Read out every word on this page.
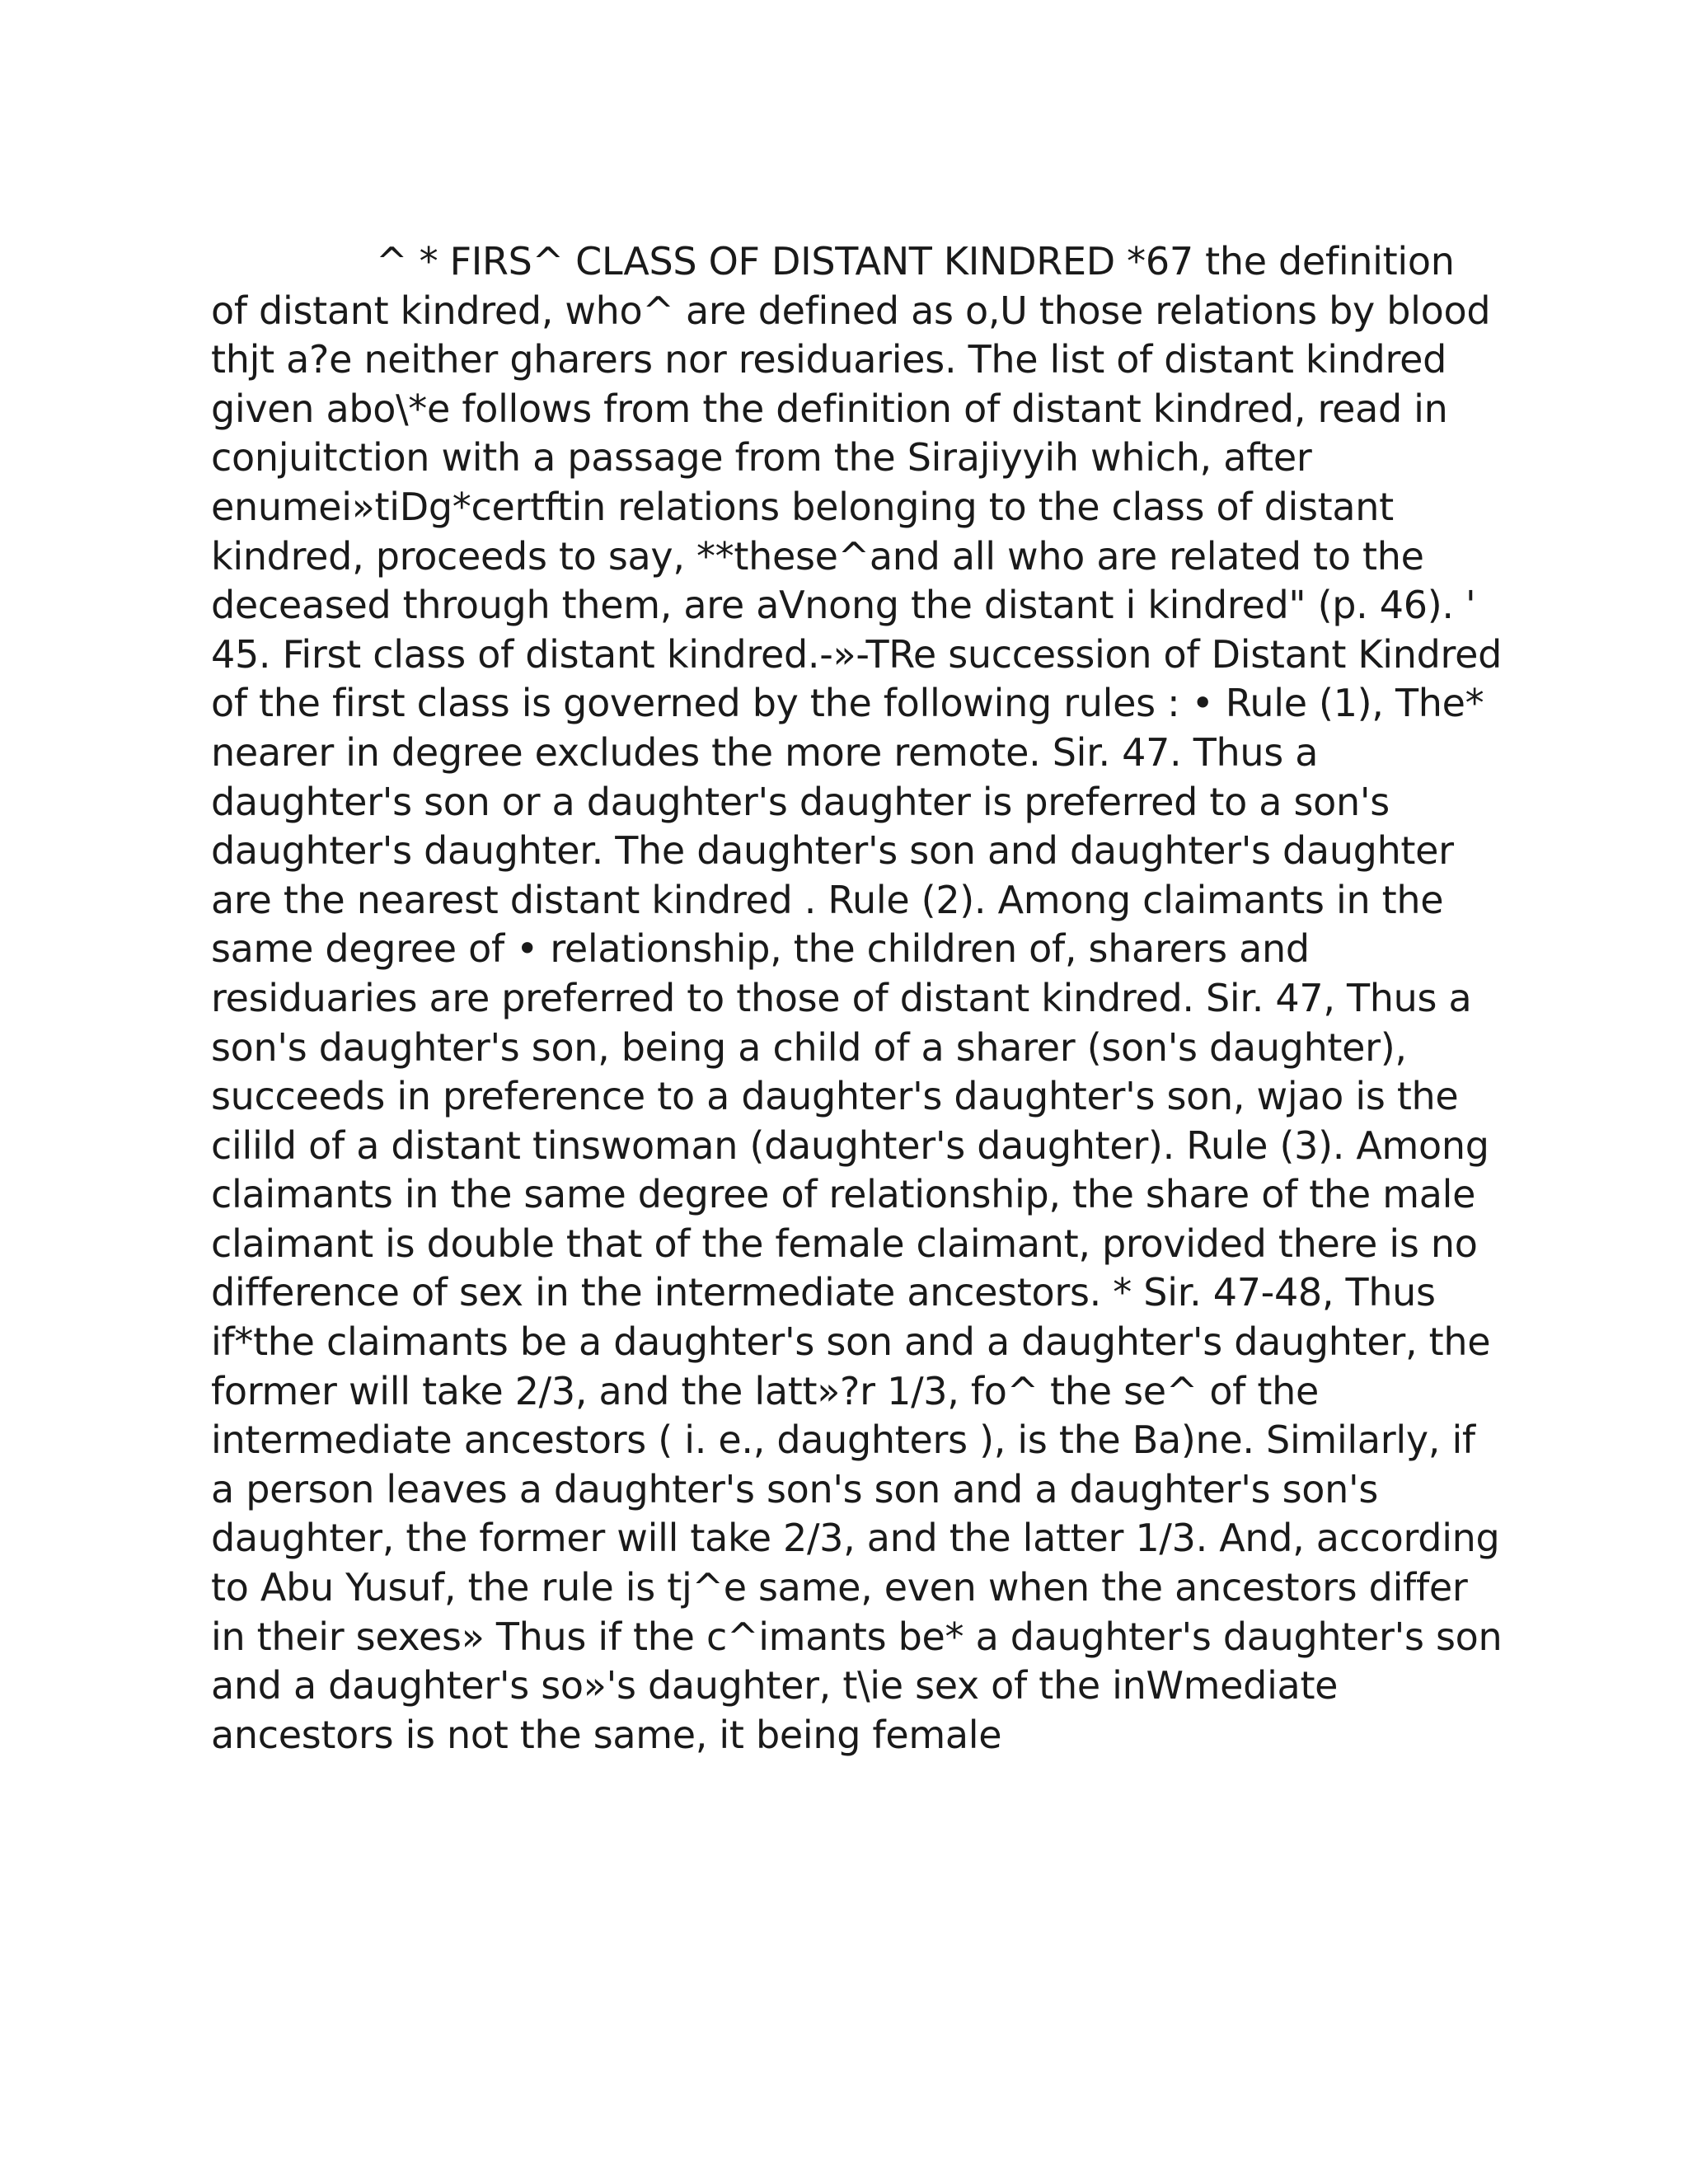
^ * FIRS^ CLASS OF DISTANT KINDRED *67 the definition
of distant kindred, who^ are defined as o,U those relations by blood
thjt a?e neither gharers nor residuaries. The list of distant kindred
given abo\*e follows from the definition of distant kindred, read in
conjuitction with a passage from the Sirajiyyih which, after
enumei»tiDg*certftin relations belonging to the class of distant
kindred, proceeds to say, **these^and all who are related to the
deceased through them, are aVnong the distant i kindred" (p. 46). '
45. First class of distant kindred.-»-TRe succession of Distant Kindred
of the first class is governed by the following rules : • Rule (1), The*
nearer in degree excludes the more remote. Sir. 47. Thus a
daughter's son or a daughter's daughter is preferred to a son's
daughter's daughter. The daughter's son and daughter's daughter
are the nearest distant kindred . Rule (2). Among claimants in the
same degree of • relationship, the children of, sharers and
residuaries are preferred to those of distant kindred. Sir. 47, Thus a
son's daughter's son, being a child of a sharer (son's daughter),
succeeds in preference to a daughter's daughter's son, wjao is the
cilild of a distant tinswoman (daughter's daughter). Rule (3). Among
claimants in the same degree of relationship, the share of the male
claimant is double that of the female claimant, provided there is no
difference of sex in the intermediate ancestors. * Sir. 47-48, Thus
if*the claimants be a daughter's son and a daughter's daughter, the
former will take 2/3, and the latt»?r 1/3, fo^ the se^ of the
intermediate ancestors ( i. e., daughters ), is the Ba)ne. Similarly, if
a person leaves a daughter's son's son and a daughter's son's
daughter, the former will take 2/3, and the latter 1/3. And, according
to Abu Yusuf, the rule is tj^e same, even when the ancestors differ
in their sexes» Thus if the c^imants be* a daughter's daughter's son
and a daughter's so»'s daughter, t\ie sex of the inWmediate
ancestors is not the same, it being female
